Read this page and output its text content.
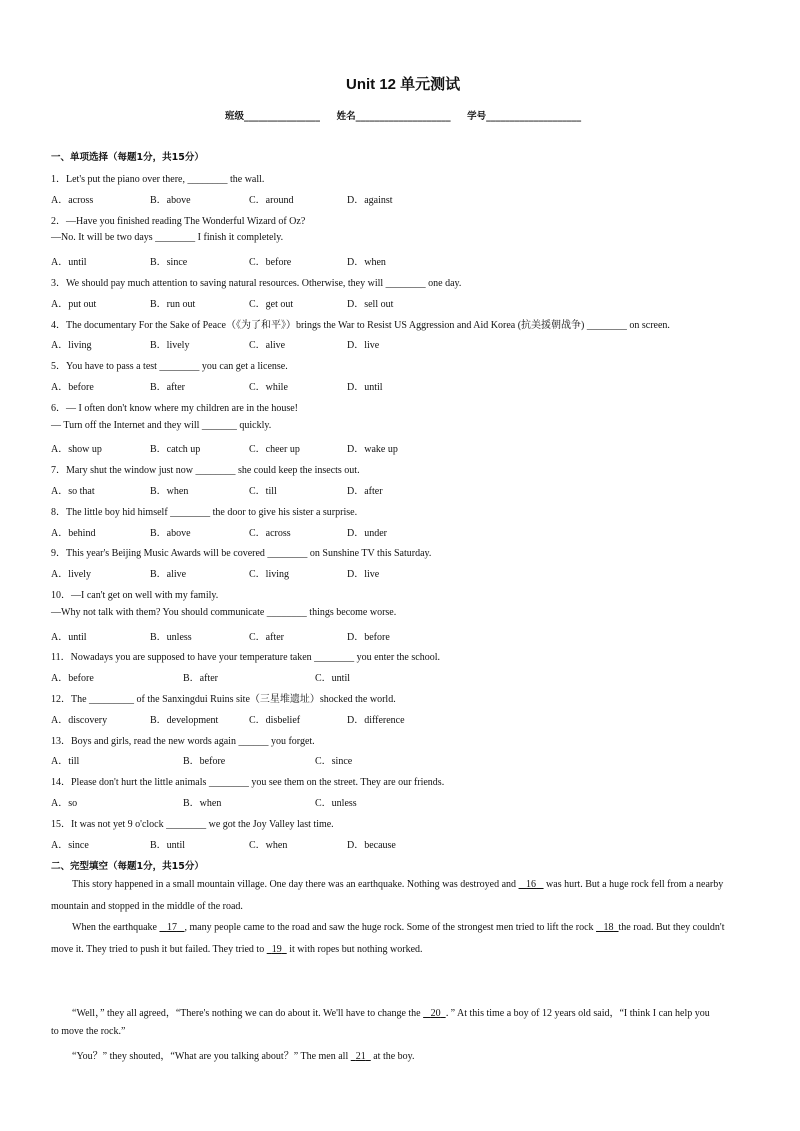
Unit 12 单元测试
班级________________ 姓名____________________ 学号____________________
一、单项选择（每题1分，共15分）
1．Let's put the piano over there, ________ the wall.
A．across	B．above	C．around	D．against
2．—Have you finished reading The Wonderful Wizard of Oz?
—No. It will be two days ________ I finish it completely.
A．until	B．since	C．before	D．when
3．We should pay much attention to saving natural resources. Otherwise, they will ________ one day.
A．put out	B．run out	C．get out	D．sell out
4．The documentary For the Sake of Peace（《为了和平》）brings the War to Resist US Aggression and Aid Korea (抗美援朝战争) ________ on screen.
A．living	B．lively	C．alive	D．live
5．You have to pass a test ________ you can get a license.
A．before	B．after	C．while	D．until
6．— I often don't know where my children are in the house!
— Turn off the Internet and they will _______ quickly.
A．show up	B．catch up	C．cheer up	D．wake up
7．Mary shut the window just now ________ she could keep the insects out.
A．so that	B．when	C．till	D．after
8．The little boy hid himself ________ the door to give his sister a surprise.
A．behind	B．above	C．across	D．under
9．This year's Beijing Music Awards will be covered ________ on Sunshine TV this Saturday.
A．lively	B．alive	C．living	D．live
10．—I can't get on well with my family.
—Why not talk with them? You should communicate ________ things become worse.
A．until	B．unless	C．after	D．before
11．Nowadays you are supposed to have your temperature taken ________ you enter the school.
A．before	B．after	C．until
12．The _________ of the Sanxingdui Ruins site（三星堆遗址）shocked the world.
A．discovery	B．development	C．disbelief	D．difference
13．Boys and girls, read the new words again ______ you forget.
A．till	B．before	C．since
14．Please don't hurt the little animals ________ you see them on the street. They are our friends.
A．so	B．when	C．unless
15．It was not yet 9 o'clock ________ we got the Joy Valley last time.
A．since	B．until	C．when	D．because
二、完型填空（每题1分，共15分）
This story happened in a small mountain village. One day there was an earthquake. Nothing was destroyed and 16 was hurt. But a huge rock fell from a nearby
mountain and stopped in the middle of the road.
When the earthquake 17 , many people came to the road and saw the huge rock. Some of the strongest men tried to lift the rock 18 the road. But they couldn't
move it. They tried to push it but failed. They tried to 19 it with ropes but nothing worked.
“Well，” they all agreed，“There's nothing we can do about it. We'll have to change the 20 ．” At this time a boy of 12 years old said，“I think I can help you
to move the rock.”
“You？” they shouted，“What are you talking about？” The men all 21 at the boy.
